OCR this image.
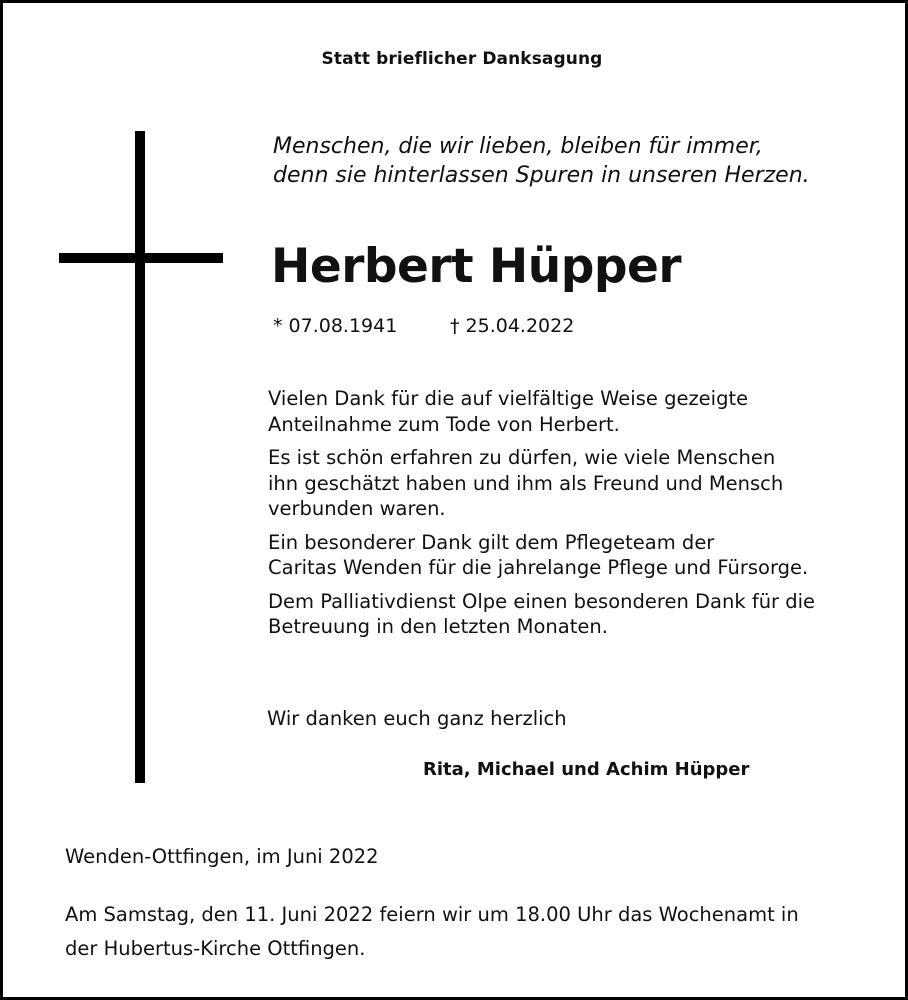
Statt brieflicher Danksagung
Menschen, die wir lieben, bleiben für immer,
denn sie hinterlassen Spuren in unseren Herzen.
Herbert Hüpper
* 07.08.1941	† 25.04.2022

Vielen Dank für die auf vielfältige Weise gezeigte
Anteilnahme zum Tode von Herbert.

Es ist schön erfahren zu dürfen, wie viele Menschen
ihn geschätzt haben und ihm als Freund und Mensch
verbunden waren.

Ein besonderer Dank gilt dem Pflegeteam der
Caritas Wenden für die jahrelange Pflege und Fürsorge.

Dem Palliativdienst Olpe einen besonderen Dank für die
Betreuung in den letzten Monaten.

Wir danken euch ganz herzlich
Rita, Michael und Achim Hüpper
Wenden-Ottfingen, im Juni 2022
Am Samstag, den 11. Juni 2022 feiern wir um 18.00 Uhr das Wochenamt in
der Hubertus-Kirche Ottfingen.
